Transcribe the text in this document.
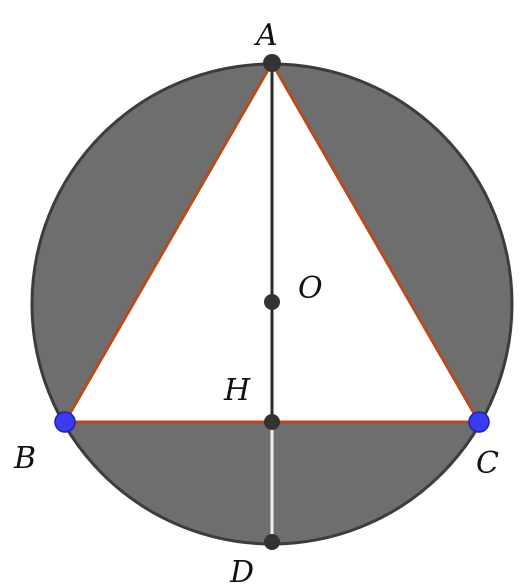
A
O
H
B	C
D
